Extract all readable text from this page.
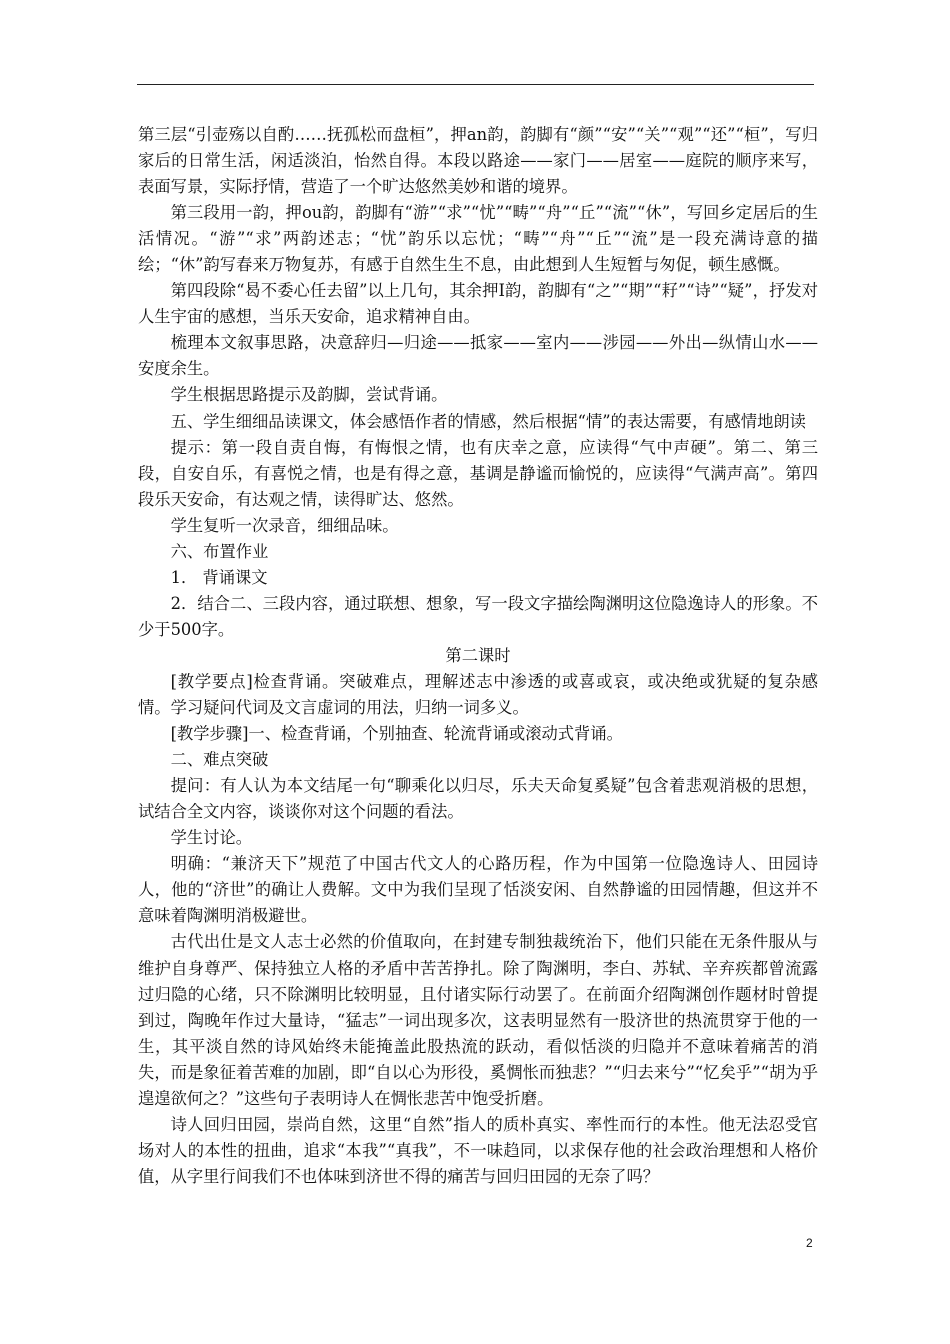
第三层“引壶殇以自酌……抚孤松而盘桓”，押an韵，韵脚有“颜”“安”“关”“观”“还”“桓”，写归家后的日常生活，闲适淡泊，怡然自得。本段以路途——家门——居室——庭院的顺序来写，表面写景，实际抒情，营造了一个旷达悠然美妙和谐的境界。

第三段用一韵，押ou韵，韵脚有“游”“求”“忧”“畴”“舟”“丘”“流”“休”，写回乡定居后的生活情况。“游”“求”两韵述志；“忧”韵乐以忘忧；“畴”“舟”“丘”“流”是一段充满诗意的描绘；“休”韵写春来万物复苏，有感于自然生生不息，由此想到人生短暂与匆促，顿生感慨。

第四段除“曷不委心任去留”以上几句，其余押I韵，韵脚有“之”“期”“耔”“诗”“疑”，抒发对人生宇宙的感想，当乐天安命，追求精神自由。

梳理本文叙事思路，决意辞归—归途——抵家——室内——涉园——外出—纵情山水——安度余生。

学生根据思路提示及韵脚，尝试背诵。

五、学生细细品读课文，体会感悟作者的情感，然后根据“情”的表达需要，有感情地朗读

提示：第一段自责自悔，有悔恨之情，也有庆幸之意，应读得“气中声硬”。第二、第三段，自安自乐，有喜悦之情，也是有得之意，基调是静谧而愉悦的，应读得“气满声高”。第四段乐天安命，有达观之情，读得旷达、悠然。

学生复听一次录音，细细品味。

六、布置作业

1． 背诵课文

2．结合二、三段内容，通过联想、想象，写一段文字描绘陶渊明这位隐逸诗人的形象。不少于500字。

第二课时

[教学要点]检查背诵。突破难点，理解述志中渗透的或喜或哀，或决绝或犹疑的复杂感情。学习疑问代词及文言虚词的用法，归纳一词多义。

[教学步骤]一、检查背诵，个别抽查、轮流背诵或滚动式背诵。

二、难点突破

提问：有人认为本文结尾一句“聊乘化以归尽，乐夫天命复奚疑”包含着悲观消极的思想，试结合全文内容，谈谈你对这个问题的看法。

学生讨论。

明确：“兼济天下”规范了中国古代文人的心路历程，作为中国第一位隐逸诗人、田园诗人，他的“济世”的确让人费解。文中为我们呈现了恬淡安闲、自然静谧的田园情趣，但这并不意味着陶渊明消极避世。

古代出仕是文人志士必然的价值取向，在封建专制独裁统治下，他们只能在无条件服从与维护自身尊严、保持独立人格的矛盾中苦苦挣扎。除了陶渊明，李白、苏轼、辛弃疾都曾流露过归隐的心绪，只不除渊明比较明显，且付诸实际行动罢了。在前面介绍陶渊创作题材时曾提到过，陶晚年作过大量诗，“猛志”一词出现多次，这表明显然有一股济世的热流贯穿于他的一生，其平淡自然的诗风始终未能掩盖此股热流的跃动，看似恬淡的归隐并不意味着痛苦的消失，而是象征着苦难的加剧，即“自以心为形役，奚惆怅而独悲？”“归去来兮”“忆矣乎”“胡为乎遑遑欲何之？”这些句子表明诗人在惆怅悲苦中饱受折磨。

诗人回归田园，崇尚自然，这里“自然”指人的质朴真实、率性而行的本性。他无法忍受官场对人的本性的扭曲，追求“本我”“真我”，不一味趋同，以求保存他的社会政治理想和人格价值，从字里行间我们不也体味到济世不得的痛苦与回归田园的无奈了吗？

2
